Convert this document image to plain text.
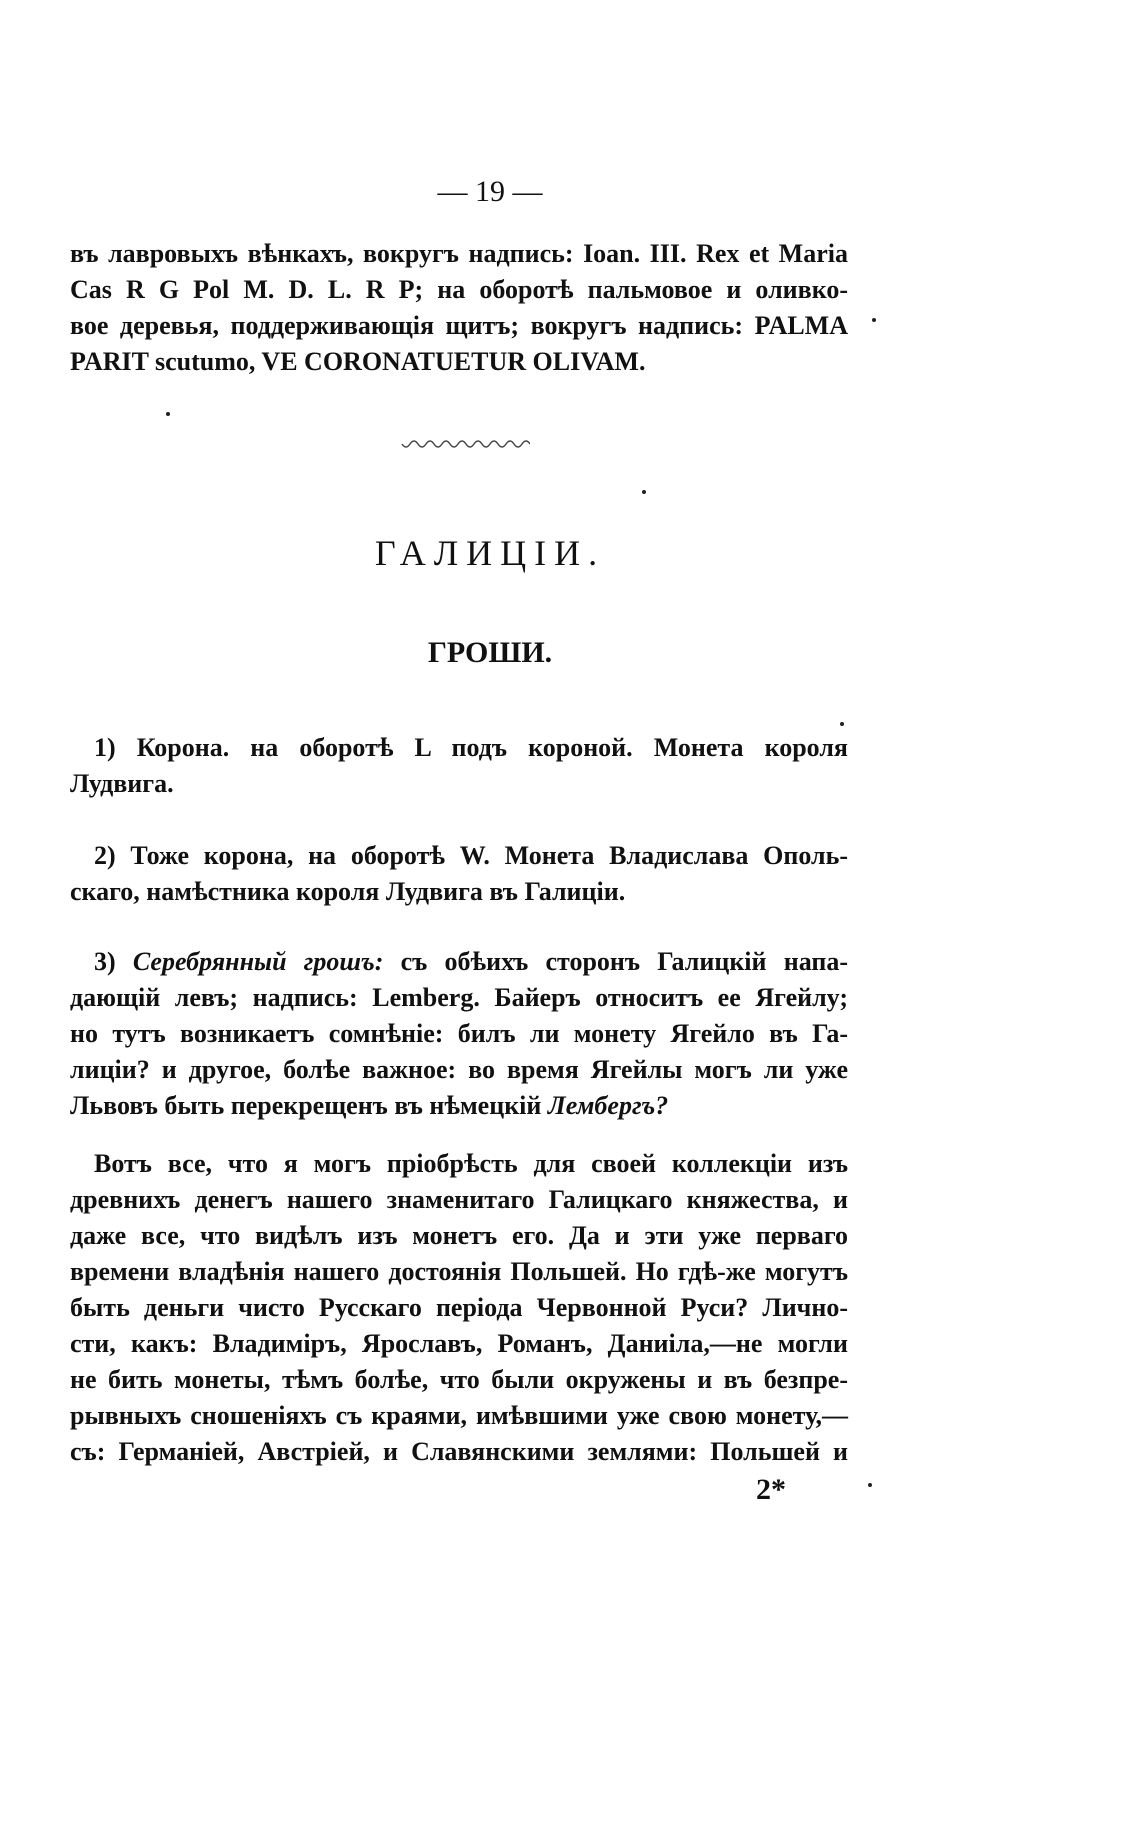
— 19 —
въ лавровыхъ вѣнкахъ, вокругъ надпись: Ioan. III. Rex et Maria
Cas R G Pol M. D. L. R P; на оборотѣ пальмовое и оливко-
вое деревья, поддерживающія щитъ; вокругъ надпись: PALMA
PARIT scutumo, VE CORONATUETUR OLIVAM.
ГАЛИЦІИ.
ГРОШИ.
1) Корона. на оборотѣ L подъ короной. Монета короля
Лудвига.
2) Тоже корона, на оборотѣ W. Монета Владислава Ополь-
скаго, намѣстника короля Лудвига въ Галиціи.
3) Серебрянный грошъ: съ обѣихъ сторонъ Галицкій напа-
дающій левъ; надпись: Lemberg. Байеръ относитъ ее Ягейлу;
но тутъ возникаетъ сомнѣніе: билъ ли монету Ягейло въ Га-
лиціи? и другое, болѣе важное: во время Ягейлы могъ ли уже
Львовъ быть перекрещенъ въ нѣмецкій Лембергъ?
Вотъ все, что я могъ пріобрѣсть для своей коллекціи изъ
древнихъ денегъ нашего знаменитаго Галицкаго княжества, и
даже все, что видѣлъ изъ монетъ его. Да и эти уже перваго
времени владѣнія нашего достоянія Польшей. Но гдѣ-же могутъ
быть деньги чисто Русскаго періода Червонной Руси? Лично-
сти, какъ: Владиміръ, Ярославъ, Романъ, Даниіла,—не могли
не бить монеты, тѣмъ болѣе, что были окружены и въ безпре-
рывныхъ сношеніяхъ съ краями, имѣвшими уже свою монету,—
съ: Германіей, Австріей, и Славянскими землями: Польшей и
2*
